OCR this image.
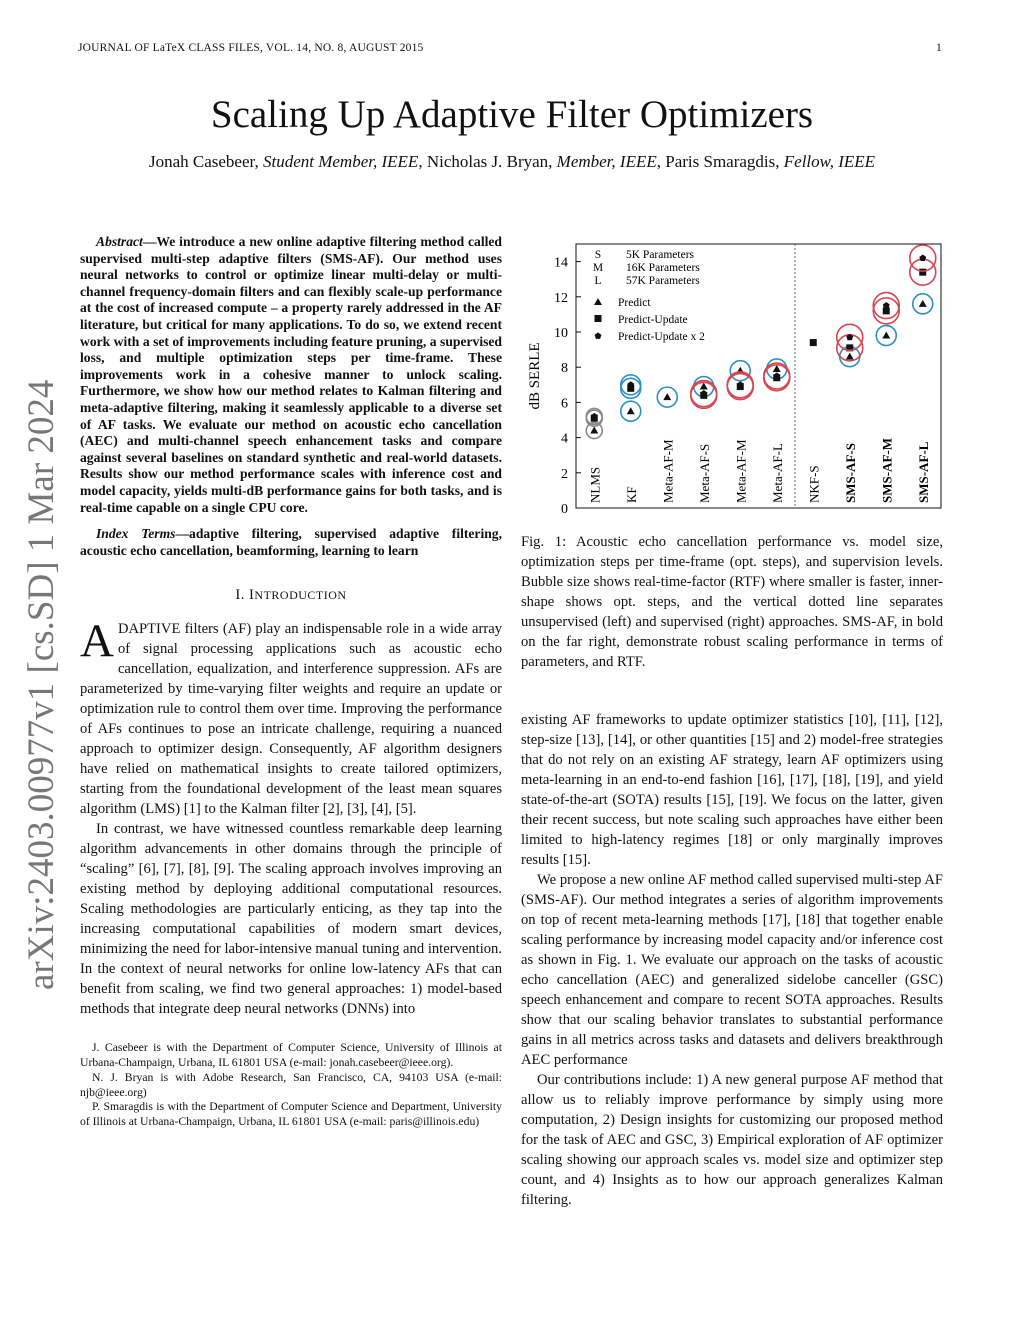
JOURNAL OF LaTeX CLASS FILES, VOL. 14, NO. 8, AUGUST 2015	1
Scaling Up Adaptive Filter Optimizers
Jonah Casebeer, Student Member, IEEE, Nicholas J. Bryan, Member, IEEE, Paris Smaragdis, Fellow, IEEE
arXiv:2403.00977v1 [cs.SD] 1 Mar 2024
Abstract—We introduce a new online adaptive filtering method called supervised multi-step adaptive filters (SMS-AF). Our method uses neural networks to control or optimize linear multi-delay or multi-channel frequency-domain filters and can flexibly scale-up performance at the cost of increased compute – a property rarely addressed in the AF literature, but critical for many applications. To do so, we extend recent work with a set of improvements including feature pruning, a supervised loss, and multiple optimization steps per time-frame. These improvements work in a cohesive manner to unlock scaling. Furthermore, we show how our method relates to Kalman filtering and meta-adaptive filtering, making it seamlessly applicable to a diverse set of AF tasks. We evaluate our method on acoustic echo cancellation (AEC) and multi-channel speech enhancement tasks and compare against several baselines on standard synthetic and real-world datasets. Results show our method performance scales with inference cost and model capacity, yields multi-dB performance gains for both tasks, and is real-time capable on a single CPU core.
Index Terms—adaptive filtering, supervised adaptive filtering, acoustic echo cancellation, beamforming, learning to learn
I. INTRODUCTION

ADAPTIVE filters (AF) play an indispensable role in a wide array of signal processing applications such as acoustic echo cancellation, equalization, and interference suppression. AFs are parameterized by time-varying filter weights and require an update or optimization rule to control them over time. Improving the performance of AFs continues to pose an intricate challenge, requiring a nuanced approach to optimizer design. Consequently, AF algorithm designers have relied on mathematical insights to create tailored optimizers, starting from the foundational development of the least mean squares algorithm (LMS) [1] to the Kalman filter [2], [3], [4], [5].

In contrast, we have witnessed countless remarkable deep learning algorithm advancements in other domains through the principle of “scaling” [6], [7], [8], [9]. The scaling approach involves improving an existing method by deploying additional computational resources. Scaling methodologies are particularly enticing, as they tap into the increasing computational capabilities of modern smart devices, minimizing the need for labor-intensive manual tuning and intervention. In the context of neural networks for online low-latency AFs that can benefit from scaling, we find two general approaches: 1) model-based methods that integrate deep neural networks (DNNs) into

J. Casebeer is with the Department of Computer Science, University of Illinois at Urbana-Champaign, Urbana, IL 61801 USA (e-mail: jonah.casebeer@ieee.org).

N. J. Bryan is with Adobe Research, San Francisco, CA, 94103 USA (e-mail: njb@ieee.org)

P. Smaragdis is with the Department of Computer Science and Department, University of Illinois at Urbana-Champaign, Urbana, IL 61801 USA (e-mail: paris@illinois.edu)

0
2
4
6
8
10
12
14
dB SERLE
NLMS KF Meta-AF-M Meta-AF-S Meta-AF-M Meta-AF-L NKF-S SMS-AF-S SMS-AF-M SMS-AF-L
S 5K Parameters
M 16K Parameters
L 57K Parameters
Predict
Predict-Update
Predict-Update x 2
Fig. 1: Acoustic echo cancellation performance vs. model size, optimization steps per time-frame (opt. steps), and supervision levels. Bubble size shows real-time-factor (RTF) where smaller is faster, inner-shape shows opt. steps, and the vertical dotted line separates unsupervised (left) and supervised (right) approaches. SMS-AF, in bold on the far right, demonstrate robust scaling performance in terms of parameters, and RTF.

existing AF frameworks to update optimizer statistics [10], [11], [12], step-size [13], [14], or other quantities [15] and 2) model-free strategies that do not rely on an existing AF strategy, learn AF optimizers using meta-learning in an end-to-end fashion [16], [17], [18], [19], and yield state-of-the-art (SOTA) results [15], [19]. We focus on the latter, given their recent success, but note scaling such approaches have either been limited to high-latency regimes [18] or only marginally improves results [15].

We propose a new online AF method called supervised multi-step AF (SMS-AF). Our method integrates a series of algorithm improvements on top of recent meta-learning methods [17], [18] that together enable scaling performance by increasing model capacity and/or inference cost as shown in Fig. 1. We evaluate our approach on the tasks of acoustic echo cancellation (AEC) and generalized sidelobe canceller (GSC) speech enhancement and compare to recent SOTA approaches. Results show that our scaling behavior translates to substantial performance gains in all metrics across tasks and datasets and delivers breakthrough AEC performance

Our contributions include: 1) A new general purpose AF method that allow us to reliably improve performance by simply using more computation, 2) Design insights for customizing our proposed method for the task of AEC and GSC, 3) Empirical exploration of AF optimizer scaling showing our approach scales vs. model size and optimizer step count, and 4) Insights as to how our approach generalizes Kalman filtering.
